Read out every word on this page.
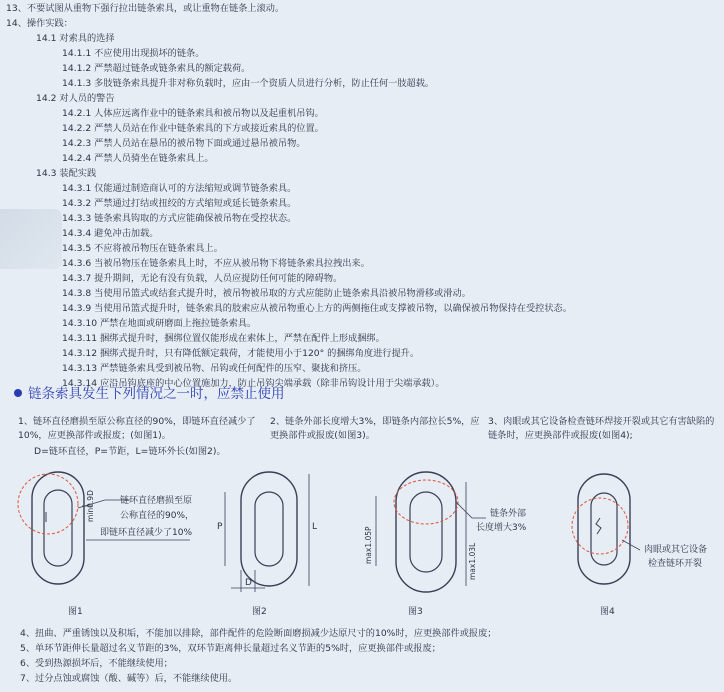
13、不要试图从重物下强行拉出链条索具，或让重物在链条上滚动。
14、操作实践：
14.1 对索具的选择
14.1.1 不应使用出现损坏的链条。
14.1.2 严禁超过链条或链条索具的额定载荷。
14.1.3 多肢链条索具提升非对称负载时，应由一个资质人员进行分析，防止任何一肢超载。
14.2 对人员的警告
14.2.1 人体应远离作业中的链条索具和被吊物以及起重机吊钩。
14.2.2 严禁人员站在作业中链条索具的下方或接近索具的位置。
14.2.3 严禁人员站在悬吊的被吊物下面或通过悬吊被吊物。
14.2.4 严禁人员骑坐在链条索具上。
14.3 装配实践
14.3.1 仅能通过制造商认可的方法缩短或调节链条索具。
14.3.2 严禁通过打结或扭绞的方式缩短或延长链条索具。
14.3.3 链条索具钩取的方式应能确保被吊物在受控状态。
14.3.4 避免冲击加载。
14.3.5 不应将被吊物压在链条索具上。
14.3.6 当被吊物压在链条索具上时，不应从被吊物下将链条索具拉拽出来。
14.3.7 提升期间，无论有没有负载，人员应提防任何可能的障碍物。
14.3.8 当使用吊篮式或结套式提升时，被吊物被吊取的方式应能防止链条索具沿被吊物滑移或滑动。
14.3.9 当使用吊篮式提升时，链条索具的肢索应从被吊物重心上方的两侧拖住或支撑被吊物，以确保被吊物保持在受控状态。
14.3.10 严禁在地面或研磨面上拖拉链条索具。
14.3.11 捆绑式提升时，捆绑位置仅能形成在索体上，严禁在配件上形成捆绑。
14.3.12 捆绑式提升时，只有降低额定载荷，才能使用小于120° 的捆绑角度进行提升。
14.3.13 严禁链条索具受到被吊物、吊钩或任何配件的压窄、聚拢和挤压。
14.3.14 应沿吊钩底座的中心位置施加力，防止吊钩尖端承载（除非吊钩设计用于尖端承载）。
链条索具发生下列情况之一时，应禁止使用
1、链环直径磨损至原公称直径的90%，即链环直径减少了10%，应更换部件或报废；(如图1)。
2、链条外部长度增大3%，即链条内部拉长5%，应更换部件或报废(如图3)。
3、肉眼或其它设备检查链环焊接开裂或其它有害缺陷的链条时，应更换部件或报废(如图4);
D=链环直径，P=节距，L=链环外长(如图2)。
min0.9D	链环直径磨损至原
公称直径的90%，
即链环直径减少了10%
图1
P	L
D
图2
max1.05P	max1.03L
链条外部
长度增大3%
图3
肉眼或其它设备
检查链环开裂
图4
4、扭曲、严重锈蚀以及积垢，不能加以排除，部件配件的危险断面磨损减少达原尺寸的10%时，应更换部件或报废；
5、单环节距伸长量超过名义节距的3%，双环节距离伸长量超过名义节距的5%时，应更换部件或报废；
6、受到热源损坏后，不能继续使用；
7、过分点蚀或腐蚀（酸、碱等）后，不能继续使用。
